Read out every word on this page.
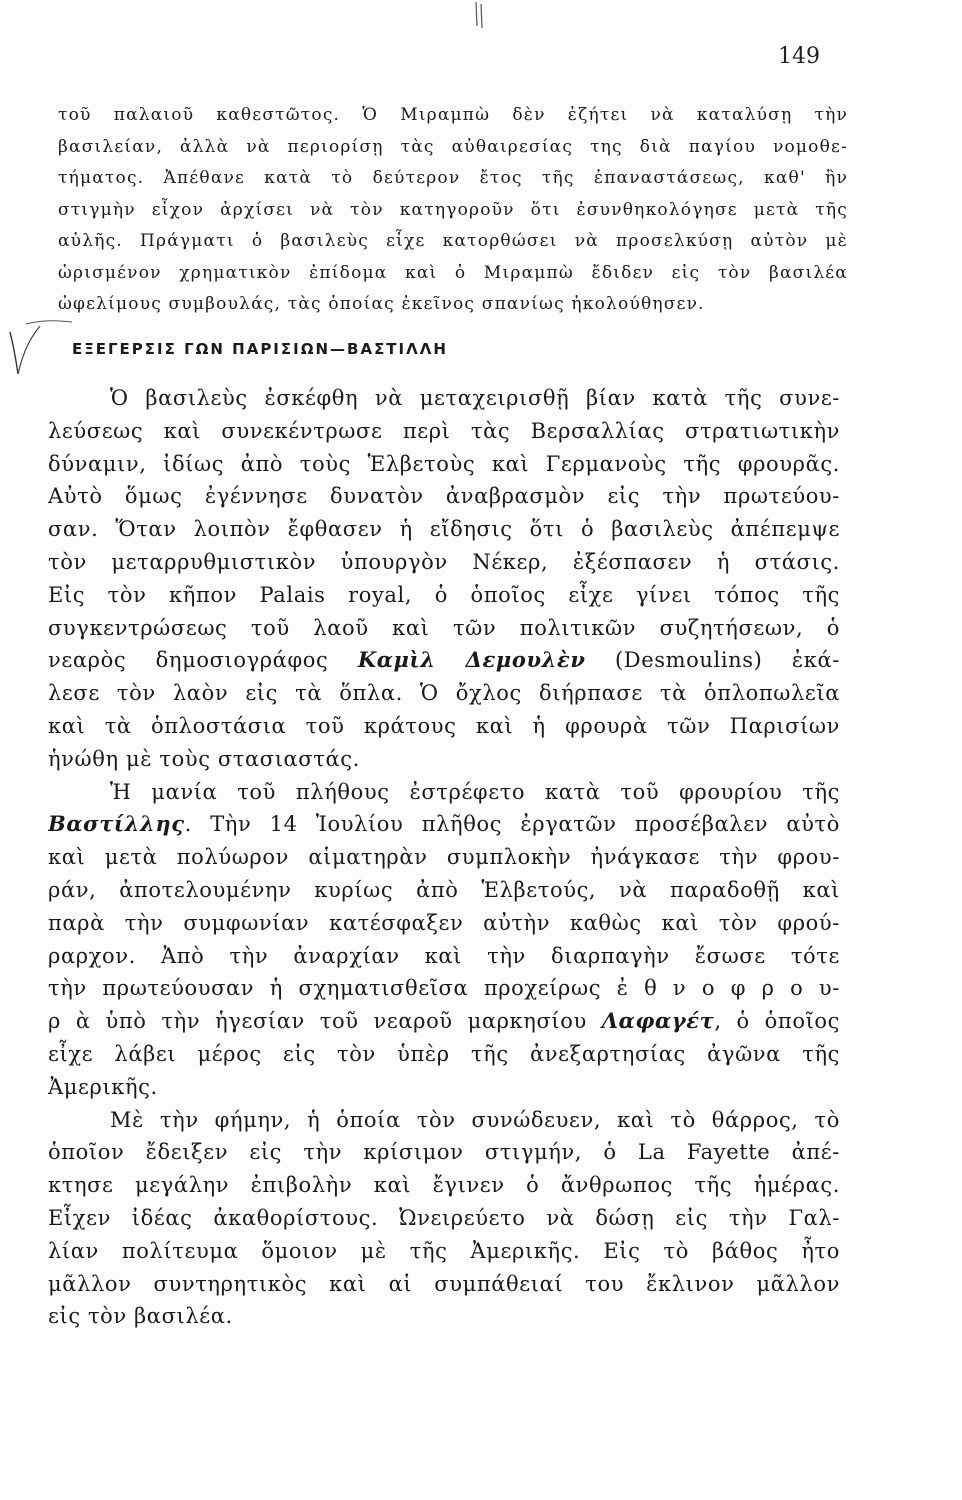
149
τοῦ παλαιοῦ καθεστῶτος. Ὁ Μιραμπὼ δὲν ἐζήτει νὰ καταλύσῃ τὴν
βασιλείαν, ἀλλὰ νὰ περιορίσῃ τὰς αὐθαιρεσίας της διὰ παγίου νομοθε-
τήματος. Ἀπέθανε κατὰ τὸ δεύτερον ἔτος τῆς ἐπαναστάσεως, καθ' ἣν
στιγμὴν εἶχον ἀρχίσει νὰ τὸν κατηγοροῦν ὅτι ἐσυνθηκολόγησε μετὰ τῆς
αὐλῆς. Πράγματι ὁ βασιλεὺς εἶχε κατορθώσει νὰ προσελκύσῃ αὐτὸν μὲ
ὡρισμένον χρηματικὸν ἐπίδομα καὶ ὁ Μιραμπὼ ἔδιδεν εἰς τὸν βασιλέα
ὠφελίμους συμβουλάς, τὰς ὁποίας ἐκεῖνος σπανίως ἠκολούθησεν.
ΕΞΕΓΕΡΣΙΣ ΓΩΝ ΠΑΡΙΣΙΩΝ—ΒΑΣΤΙΛΛΗ
Ὁ βασιλεὺς ἐσκέφθη νὰ μεταχειρισθῇ βίαν κατὰ τῆς συνε-
λεύσεως καὶ συνεκέντρωσε περὶ τὰς Βερσαλλίας στρατιωτικὴν
δύναμιν, ἰδίως ἀπὸ τοὺς Ἑλβετοὺς καὶ Γερμανοὺς τῆς φρουρᾶς.
Αὐτὸ ὅμως ἐγέννησε δυνατὸν ἀναβρασμὸν εἰς τὴν πρωτεύου-
σαν. Ὅταν λοιπὸν ἔφθασεν ἡ εἴδησις ὅτι ὁ βασιλεὺς ἀπέπεμψε
τὸν μεταρρυθμιστικὸν ὑπουργὸν Νέκερ, ἐξέσπασεν ἡ στάσις.
Εἰς τὸν κῆπον Palais royal, ὁ ὁποῖος εἶχε γίνει τόπος τῆς
συγκεντρώσεως τοῦ λαοῦ καὶ τῶν πολιτικῶν συζητήσεων, ὁ
νεαρὸς δημοσιογράφος Καμὶλ Δεμουλὲν (Desmoulins) ἐκά-
λεσε τὸν λαὸν εἰς τὰ ὅπλα. Ὁ ὄχλος διήρπασε τὰ ὁπλοπωλεῖα
καὶ τὰ ὁπλοστάσια τοῦ κράτους καὶ ἡ φρουρὰ τῶν Παρισίων
ἡνώθη μὲ τοὺς στασιαστάς.
Ἡ μανία τοῦ πλήθους ἐστρέφετο κατὰ τοῦ φρουρίου τῆς
Βαστίλλης. Τὴν 14 Ἰουλίου πλῆθος ἐργατῶν προσέβαλεν αὐτὸ
καὶ μετὰ πολύωρον αἱματηρὰν συμπλοκὴν ἠνάγκασε τὴν φρου-
ράν, ἀποτελουμένην κυρίως ἀπὸ Ἑλβετούς, νὰ παραδοθῇ καὶ
παρὰ τὴν συμφωνίαν κατέσφαξεν αὐτὴν καθὼς καὶ τὸν φρού-
ραρχον. Ἀπὸ τὴν ἀναρχίαν καὶ τὴν διαρπαγὴν ἔσωσε τότε
τὴν πρωτεύουσαν ἡ σχηματισθεῖσα προχείρως ἐ θ ν ο φ ρ ο υ-
ρ ὰ ὑπὸ τὴν ἡγεσίαν τοῦ νεαροῦ μαρκησίου Λαφαγέτ, ὁ ὁποῖος
εἶχε λάβει μέρος εἰς τὸν ὑπὲρ τῆς ἀνεξαρτησίας ἀγῶνα τῆς
Ἀμερικῆς.
Μὲ τὴν φήμην, ἡ ὁποία τὸν συνώδευεν, καὶ τὸ θάρρος, τὸ
ὁποῖον ἔδειξεν εἰς τὴν κρίσιμον στιγμήν, ὁ La Fayette ἀπέ-
κτησε μεγάλην ἐπιβολὴν καὶ ἔγινεν ὁ ἄνθρωπος τῆς ἡμέρας.
Εἶχεν ἰδέας ἀκαθορίστους. Ὠνειρεύετο νὰ δώσῃ εἰς τὴν Γαλ-
λίαν πολίτευμα ὅμοιον μὲ τῆς Ἀμερικῆς. Εἰς τὸ βάθος ἦτο
μᾶλλον συντηρητικὸς καὶ αἱ συμπάθειαί του ἔκλινον μᾶλλον
εἰς τὸν βασιλέα.
